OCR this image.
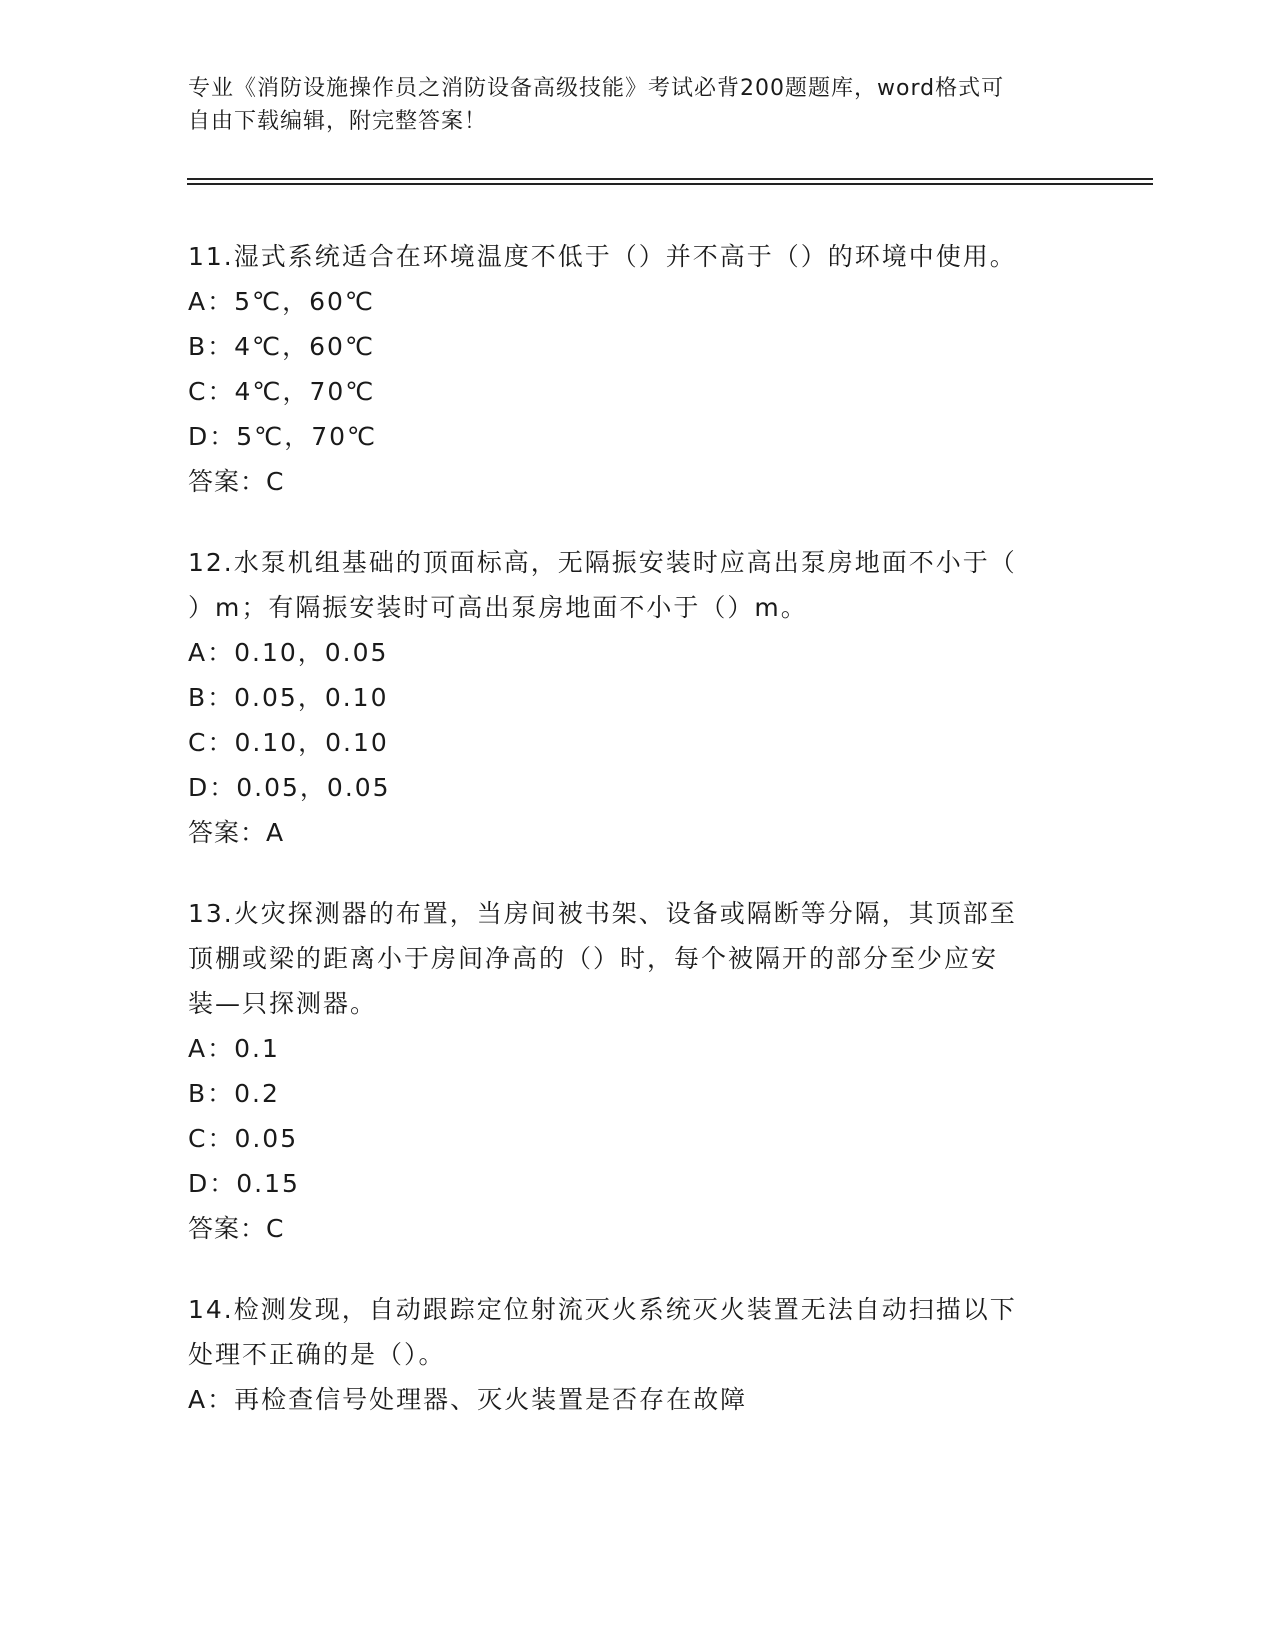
专业《消防设施操作员之消防设备高级技能》考试必背200题题库，word格式可
自由下载编辑，附完整答案！
11.湿式系统适合在环境温度不低于（）并不高于（）的环境中使用。
A：5℃，60℃
B：4℃，60℃
C：4℃，70℃
D：5℃，70℃
答案：C
12.水泵机组基础的顶面标高，无隔振安装时应高出泵房地面不小于（
）m；有隔振安装时可高出泵房地面不小于（）m。
A：0.10，0.05
B：0.05，0.10
C：0.10，0.10
D：0.05，0.05
答案：A
13.火灾探测器的布置，当房间被书架、设备或隔断等分隔，其顶部至
顶棚或梁的距离小于房间净高的（）时，每个被隔开的部分至少应安
装—只探测器。
A：0.1
B：0.2
C：0.05
D：0.15
答案：C
14.检测发现，自动跟踪定位射流灭火系统灭火装置无法自动扫描以下
处理不正确的是（）。
A：再检查信号处理器、灭火装置是否存在故障
